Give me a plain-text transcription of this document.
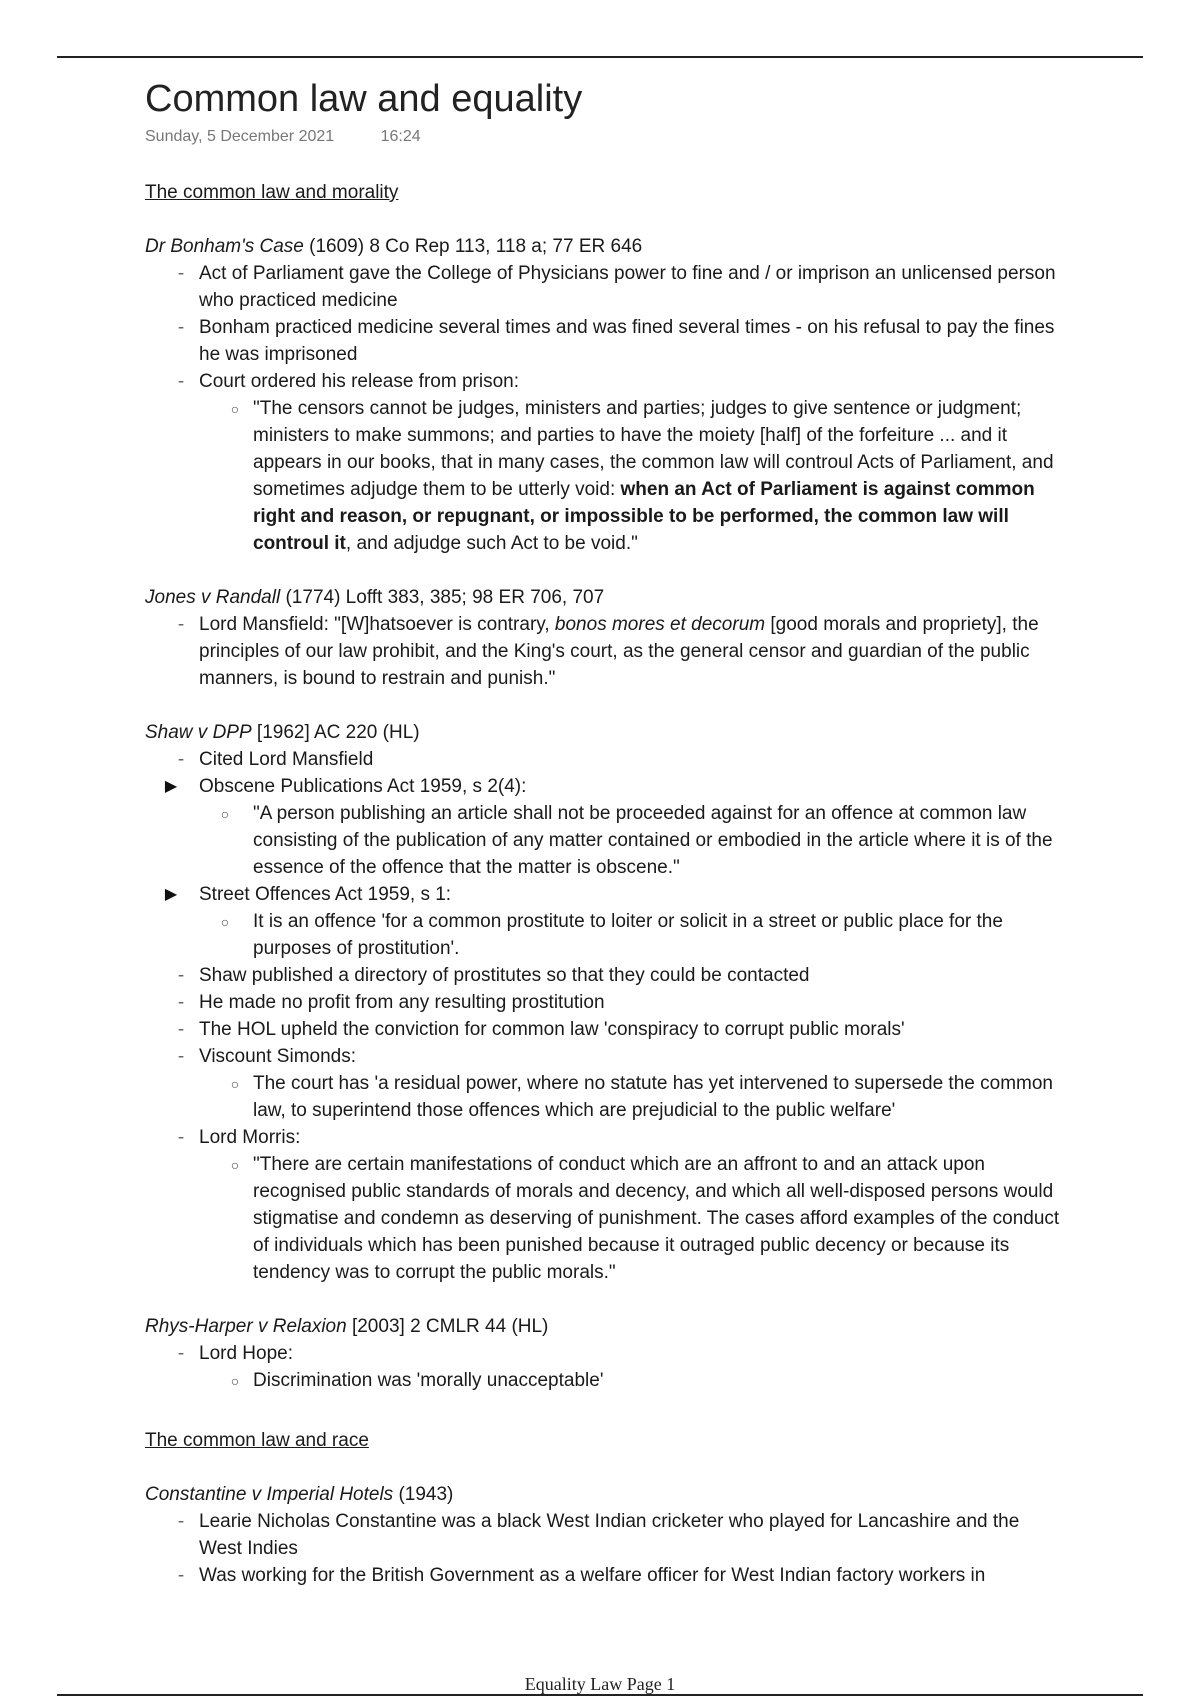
Common law and equality
Sunday, 5 December 2021	16:24
The common law and morality
Dr Bonham's Case (1609) 8 Co Rep 113, 118 a; 77 ER 646
- Act of Parliament gave the College of Physicians power to fine and / or imprison an unlicensed person who practiced medicine
- Bonham practiced medicine several times and was fined several times - on his refusal to pay the fines he was imprisoned
- Court ordered his release from prison:
○ "The censors cannot be judges, ministers and parties; judges to give sentence or judgment; ministers to make summons; and parties to have the moiety [half] of the forfeiture ... and it appears in our books, that in many cases, the common law will controul Acts of Parliament, and sometimes adjudge them to be utterly void: when an Act of Parliament is against common right and reason, or repugnant, or impossible to be performed, the common law will controul it, and adjudge such Act to be void."
Jones v Randall (1774) Lofft 383, 385; 98 ER 706, 707
- Lord Mansfield: "[W]hatsoever is contrary, bonos mores et decorum [good morals and propriety], the principles of our law prohibit, and the King's court, as the general censor and guardian of the public manners, is bound to restrain and punish."
Shaw v DPP [1962] AC 220 (HL)
- Cited Lord Mansfield
▶ Obscene Publications Act 1959, s 2(4):
○	"A person publishing an article shall not be proceeded against for an offence at common law consisting of the publication of any matter contained or embodied in the article where it is of the essence of the offence that the matter is obscene."
▶ Street Offences Act 1959, s 1:
○	It is an offence 'for a common prostitute to loiter or solicit in a street or public place for the purposes of prostitution'.
- Shaw published a directory of prostitutes so that they could be contacted
- He made no profit from any resulting prostitution
- The HOL upheld the conviction for common law 'conspiracy to corrupt public morals'
- Viscount Simonds:
○ The court has 'a residual power, where no statute has yet intervened to supersede the common law, to superintend those offences which are prejudicial to the public welfare'
- Lord Morris:
○ "There are certain manifestations of conduct which are an affront to and an attack upon recognised public standards of morals and decency, and which all well-disposed persons would stigmatise and condemn as deserving of punishment. The cases afford examples of the conduct of individuals which has been punished because it outraged public decency or because its tendency was to corrupt the public morals."
Rhys-Harper v Relaxion [2003] 2 CMLR 44 (HL)
- Lord Hope:
○ Discrimination was 'morally unacceptable'
The common law and race
Constantine v Imperial Hotels (1943)
- Learie Nicholas Constantine was a black West Indian cricketer who played for Lancashire and the West Indies
- Was working for the British Government as a welfare officer for West Indian factory workers in
Equality Law Page 1
